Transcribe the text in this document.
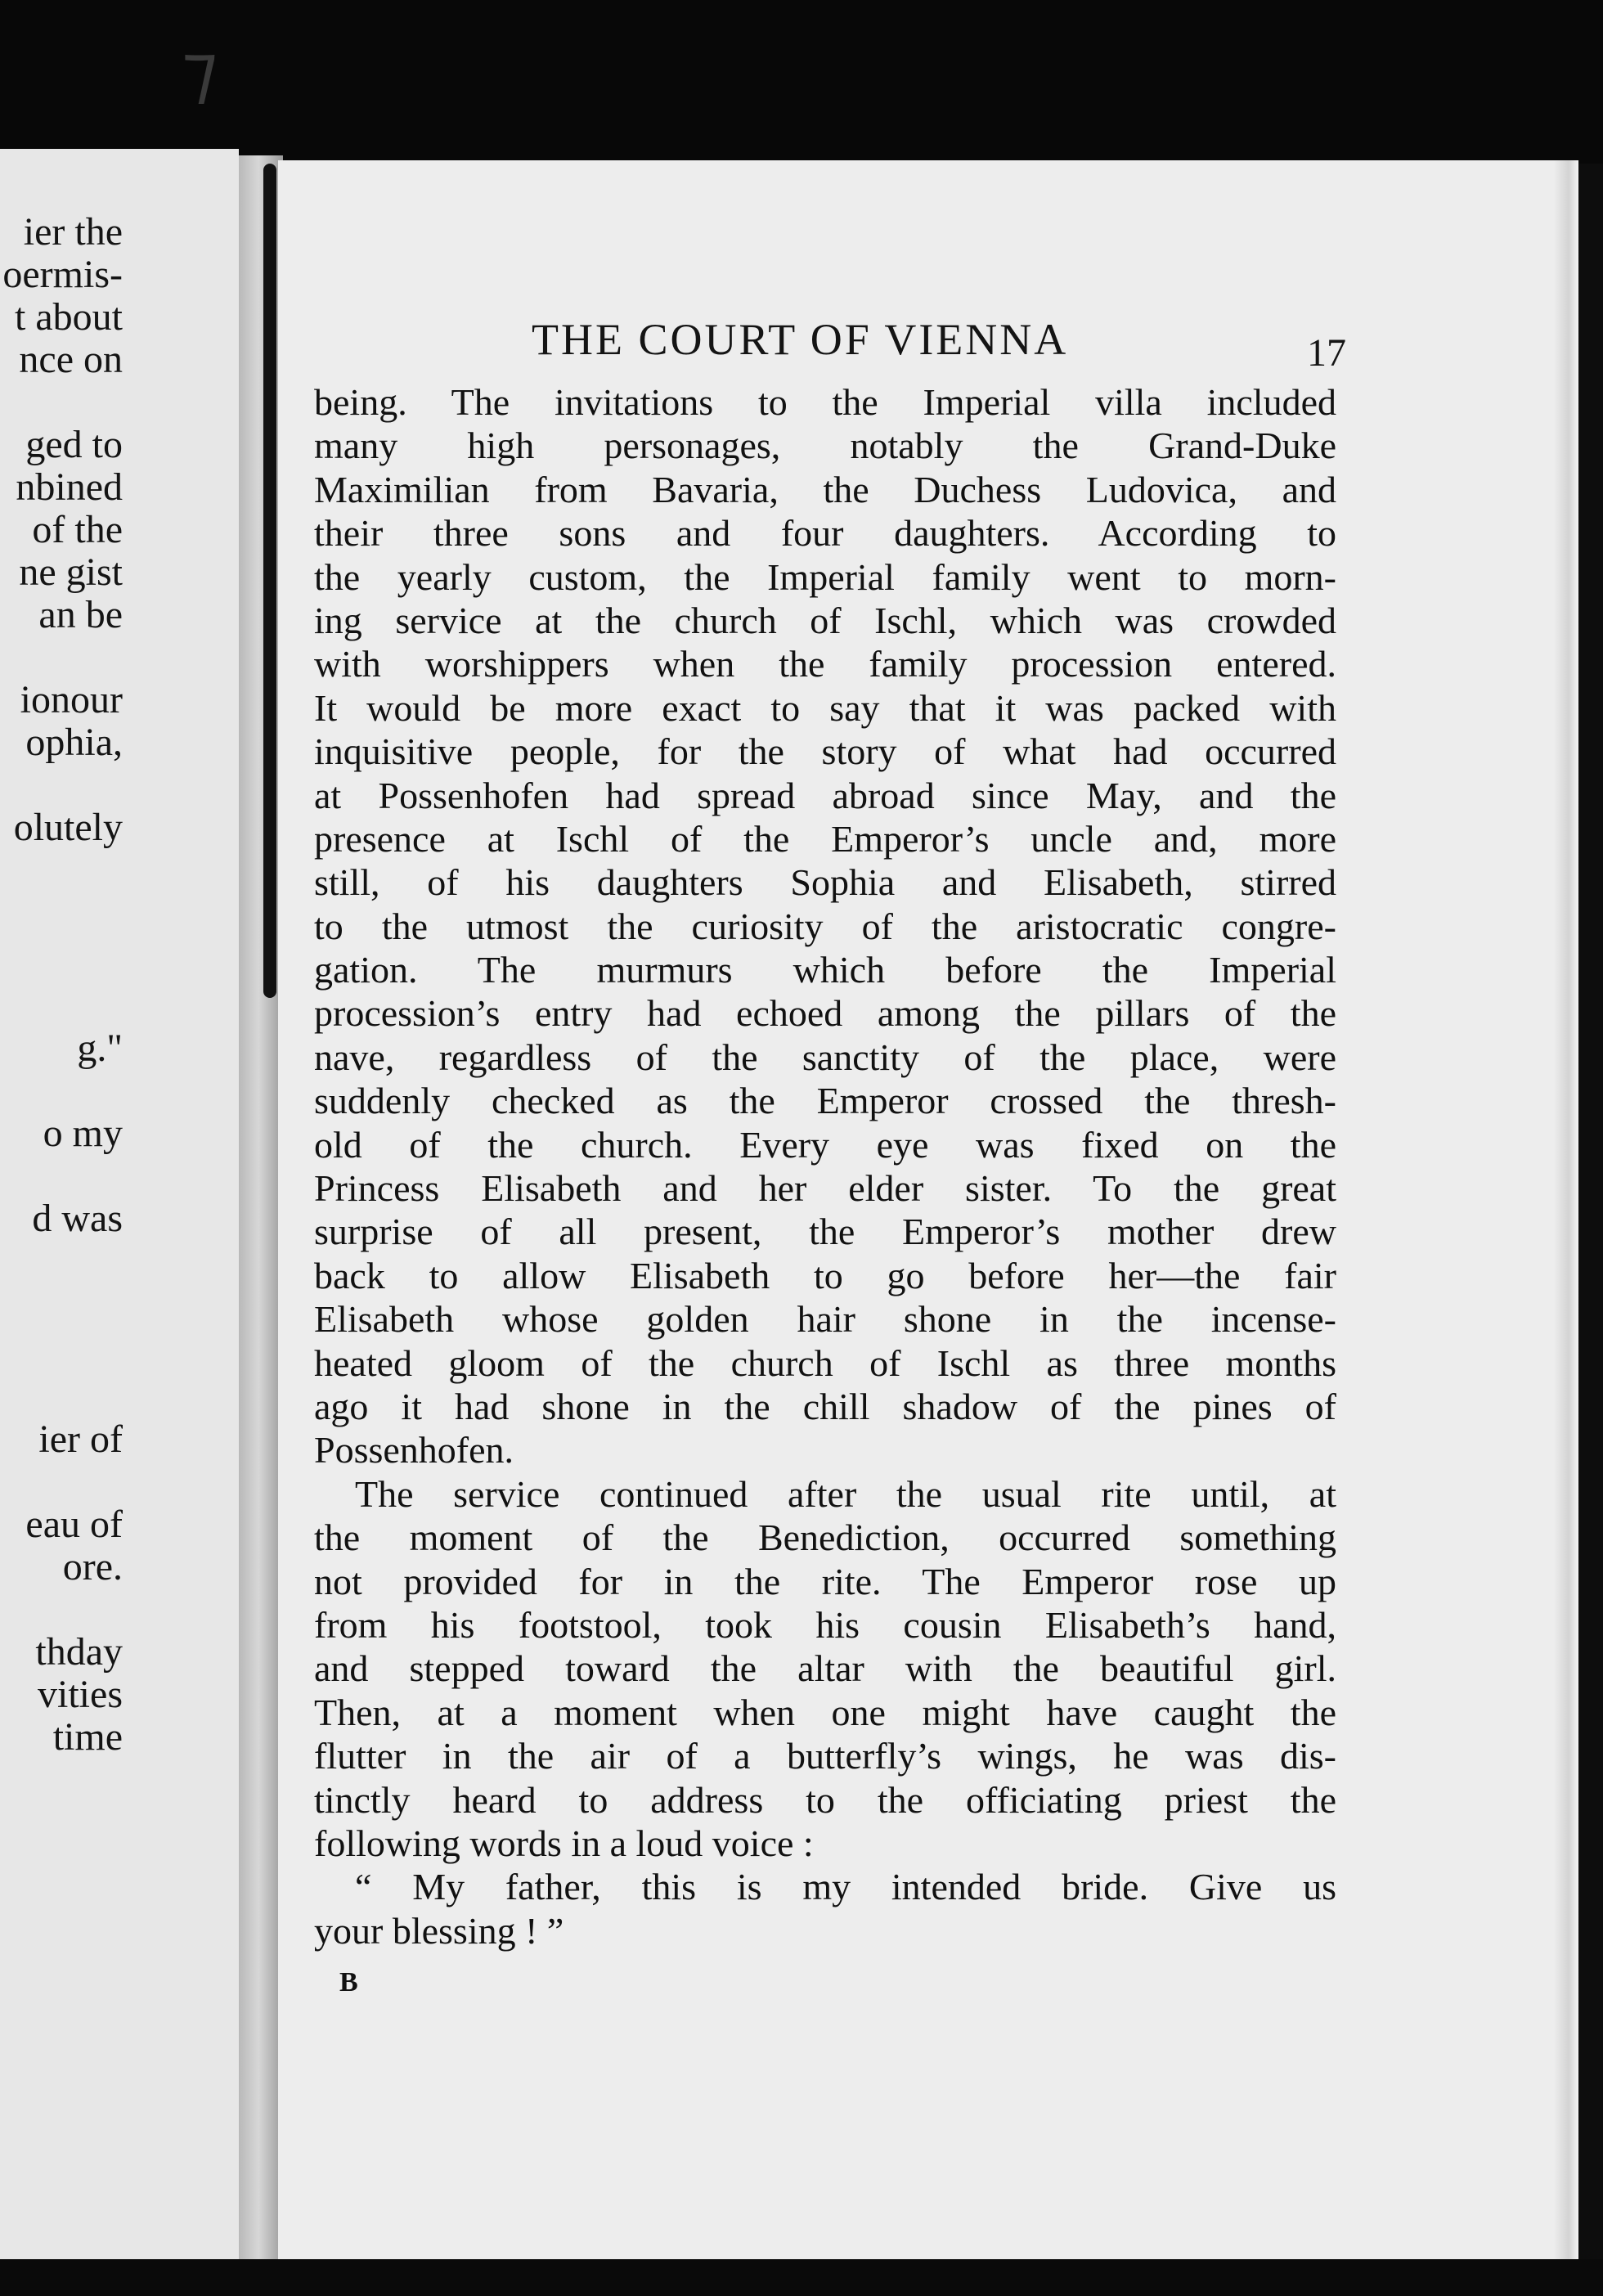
⁊
ier the
oermis-
t about
nce on
ged to
nbined
of the
ne gist
an be
ionour
ophia,
olutely
g."
o my
d was
ier of
eau of
ore.
thday
vities
time
THE COURT OF VIENNA	17
being. The invitations to the Imperial villa included
many high personages, notably the Grand-Duke
Maximilian from Bavaria, the Duchess Ludovica, and
their three sons and four daughters. According to
the yearly custom, the Imperial family went to morn-
ing service at the church of Ischl, which was crowded
with worshippers when the family procession entered.
It would be more exact to say that it was packed with
inquisitive people, for the story of what had occurred
at Possenhofen had spread abroad since May, and the
presence at Ischl of the Emperor’s uncle and, more
still, of his daughters Sophia and Elisabeth, stirred
to the utmost the curiosity of the aristocratic congre-
gation. The murmurs which before the Imperial
procession’s entry had echoed among the pillars of the
nave, regardless of the sanctity of the place, were
suddenly checked as the Emperor crossed the thresh-
old of the church. Every eye was fixed on the
Princess Elisabeth and her elder sister. To the great
surprise of all present, the Emperor’s mother drew
back to allow Elisabeth to go before her—the fair
Elisabeth whose golden hair shone in the incense-
heated gloom of the church of Ischl as three months
ago it had shone in the chill shadow of the pines of
Possenhofen.
The service continued after the usual rite until, at
the moment of the Benediction, occurred something
not provided for in the rite. The Emperor rose up
from his footstool, took his cousin Elisabeth’s hand,
and stepped toward the altar with the beautiful girl.
Then, at a moment when one might have caught the
flutter in the air of a butterfly’s wings, he was dis-
tinctly heard to address to the officiating priest the
following words in a loud voice :
“ My father, this is my intended bride. Give us
your blessing ! ”
B
